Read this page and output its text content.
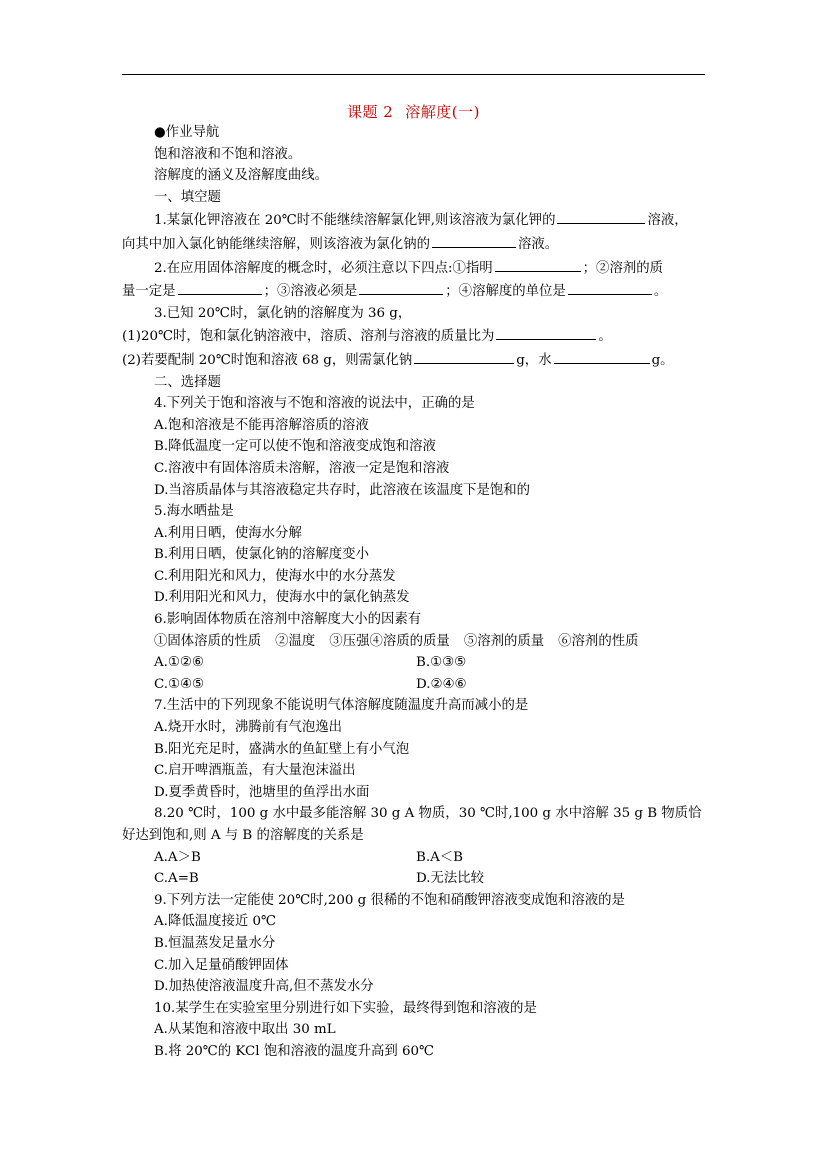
课题 2 溶解度(一)
●作业导航
饱和溶液和不饱和溶液。
溶解度的涵义及溶解度曲线。
一、填空题
1.某氯化钾溶液在 20℃时不能继续溶解氯化钾,则该溶液为氯化钾的	溶液，
向其中加入氯化钠能继续溶解，则该溶液为氯化钠的	溶液。
2.在应用固体溶解度的概念时，必须注意以下四点:①指明	；②溶剂的质
量一定是	；③溶液必须是	；④溶解度的单位是	。
3.已知 20℃时，氯化钠的溶解度为 36 g，
(1)20℃时，饱和氯化钠溶液中，溶质、溶剂与溶液的质量比为	。
(2)若要配制 20℃时饱和溶液 68 g，则需氯化钠	g，水	g。
二、选择题
4.下列关于饱和溶液与不饱和溶液的说法中，正确的是
A.饱和溶液是不能再溶解溶质的溶液
B.降低温度一定可以使不饱和溶液变成饱和溶液
C.溶液中有固体溶质未溶解，溶液一定是饱和溶液
D.当溶质晶体与其溶液稳定共存时，此溶液在该温度下是饱和的
5.海水晒盐是
A.利用日晒，使海水分解
B.利用日晒，使氯化钠的溶解度变小
C.利用阳光和风力，使海水中的水分蒸发
D.利用阳光和风力，使海水中的氯化钠蒸发
6.影响固体物质在溶剂中溶解度大小的因素有
①固体溶质的性质 ②温度 ③压强④溶质的质量 ⑤溶剂的质量 ⑥溶剂的性质
A.①②⑥	B.①③⑤
C.①④⑤	D.②④⑥
7.生活中的下列现象不能说明气体溶解度随温度升高而减小的是
A.烧开水时，沸腾前有气泡逸出
B.阳光充足时，盛满水的鱼缸壁上有小气泡
C.启开啤酒瓶盖，有大量泡沫溢出
D.夏季黄昏时，池塘里的鱼浮出水面
8.20 ℃时，100 g 水中最多能溶解 30 g A 物质，30 ℃时,100 g 水中溶解 35 g B 物质恰
好达到饱和,则 A 与 B 的溶解度的关系是
A.A＞B	B.A＜B
C.A=B	D.无法比较
9.下列方法一定能使 20℃时,200 g 很稀的不饱和硝酸钾溶液变成饱和溶液的是
A.降低温度接近 0℃
B.恒温蒸发足量水分
C.加入足量硝酸钾固体
D.加热使溶液温度升高,但不蒸发水分
10.某学生在实验室里分别进行如下实验，最终得到饱和溶液的是
A.从某饱和溶液中取出 30 mL
B.将 20℃的 KCl 饱和溶液的温度升高到 60℃
